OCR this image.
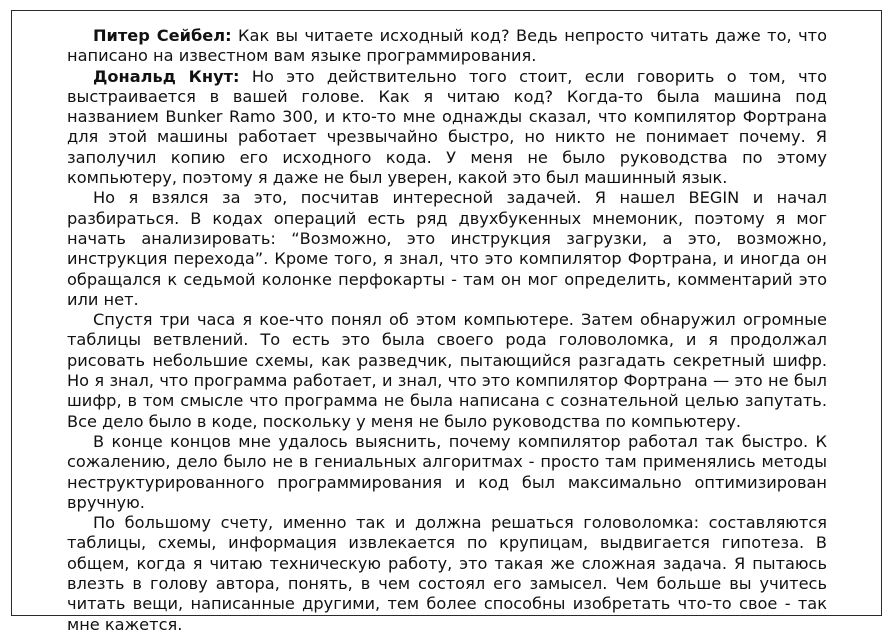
Питер Сейбел: Как вы читаете исходный код? Ведь непросто читать даже то, что написано на известном вам языке программирования.

Дональд Кнут: Но это действительно того стоит, если говорить о том, что выстраивается в вашей голове. Как я читаю код? Когда-то была машина под названием Bunker Ramo 300, и кто-то мне однажды сказал, что компилятор Фортрана для этой машины работает чрезвычайно быстро, но никто не понимает почему. Я заполучил копию его исходного кода. У меня не было руководства по этому компьютеру, поэтому я даже не был уверен, какой это был машинный язык.

Но я взялся за это, посчитав интересной задачей. Я нашел BEGIN и начал разбираться. В кодах операций есть ряд двухбукенных мнемоник, поэтому я мог начать анализировать: “Возможно, это инструкция загрузки, а это, возможно, инструкция перехода”. Кроме того, я знал, что это компилятор Фортрана, и иногда он обращался к седьмой колонке перфокарты - там он мог определить, комментарий это или нет.

Спустя три часа я кое-что понял об этом компьютере. Затем обнаружил огромные таблицы ветвлений. То есть это была своего рода головоломка, и я продолжал рисовать небольшие схемы, как разведчик, пытающийся разгадать секретный шифр. Но я знал, что программа работает, и знал, что это компилятор Фортрана — это не был шифр, в том смысле что программа не была написана с сознательной целью запутать. Все дело было в коде, поскольку у меня не было руководства по компьютеру.

В конце концов мне удалось выяснить, почему компилятор работал так быстро. К сожалению, дело было не в гениальных алгоритмах - просто там применялись методы неструктурированного программирования и код был максимально оптимизирован вручную.

По большому счету, именно так и должна решаться головоломка: составляются таблицы, схемы, информация извлекается по крупицам, выдвигается гипотеза. В общем, когда я читаю техническую работу, это такая же сложная задача. Я пытаюсь влезть в голову автора, понять, в чем состоял его замысел. Чем больше вы учитесь читать вещи, написанные другими, тем более способны изобретать что-то свое - так мне кажется.
